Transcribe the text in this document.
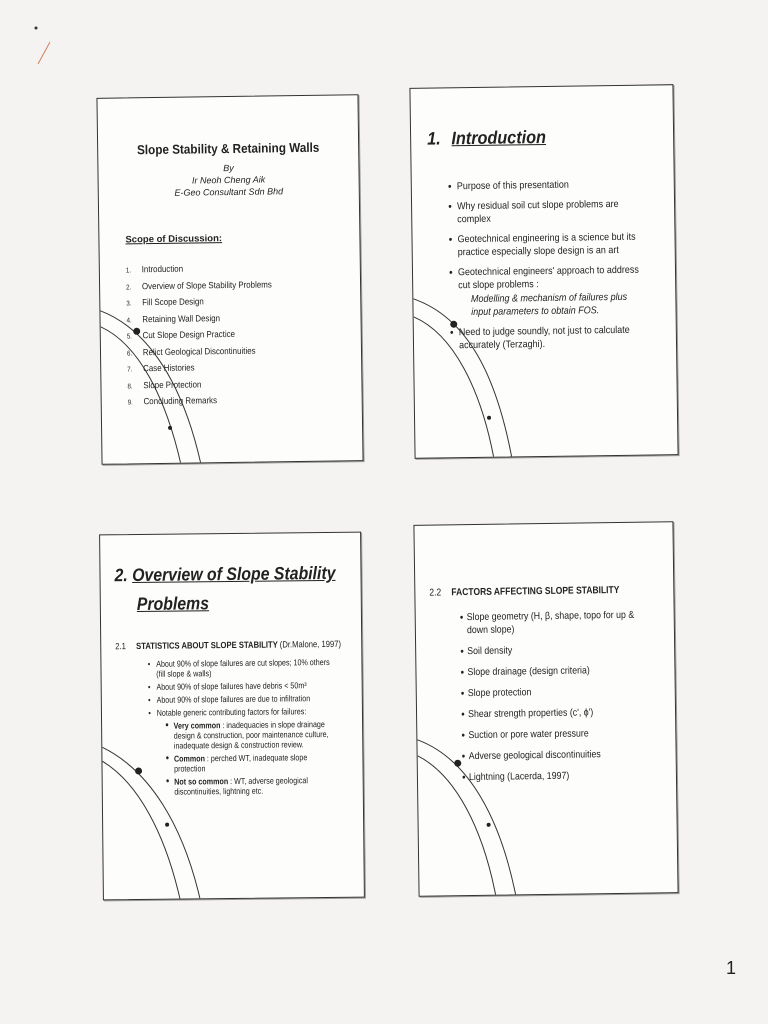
Slope Stability & Retaining Walls
By
Ir Neoh Cheng Aik
E-Geo Consultant Sdn Bhd
Scope of Discussion:
1. Introduction
2. Overview of Slope Stability Problems
3. Fill Scope Design
4. Retaining Wall Design
5. Cut Slope Design Practice
6. Relict Geological Discontinuities
7. Case Histories
8. Slope Protection
9. Concluding Remarks
1. Introduction
● Purpose of this presentation
● Why residual soil cut slope problems are complex
● Geotechnical engineering is a science but its practice especially slope design is an art
● Geotechnical engineers' approach to address cut slope problems :
Modelling & mechanism of failures plus input parameters to obtain FOS.
● Need to judge soundly, not just to calculate accurately (Terzaghi).
2. Overview of Slope Stability
Problems
2.1 STATISTICS ABOUT SLOPE STABILITY (Dr.Malone, 1997)
• About 90% of slope failures are cut slopes; 10% others (fill slope & walls)
• About 90% of slope failures have debris < 50m³
• About 90% of slope failures are due to infiltration
• Notable generic contributing factors for failures:
● Very common : inadequacies in slope drainage design & construction, poor maintenance culture, inadequate design & construction review.
● Common : perched WT, inadequate slope protection
● Not so common : WT, adverse geological discontinuities, lightning etc.
2.2 FACTORS AFFECTING SLOPE STABILITY
● Slope geometry (H, β, shape, topo for up & down slope)
● Soil density
● Slope drainage (design criteria)
● Slope protection
● Shear strength properties (c', ϕ')
● Suction or pore water pressure
● Adverse geological discontinuities
● Lightning (Lacerda, 1997)
1
